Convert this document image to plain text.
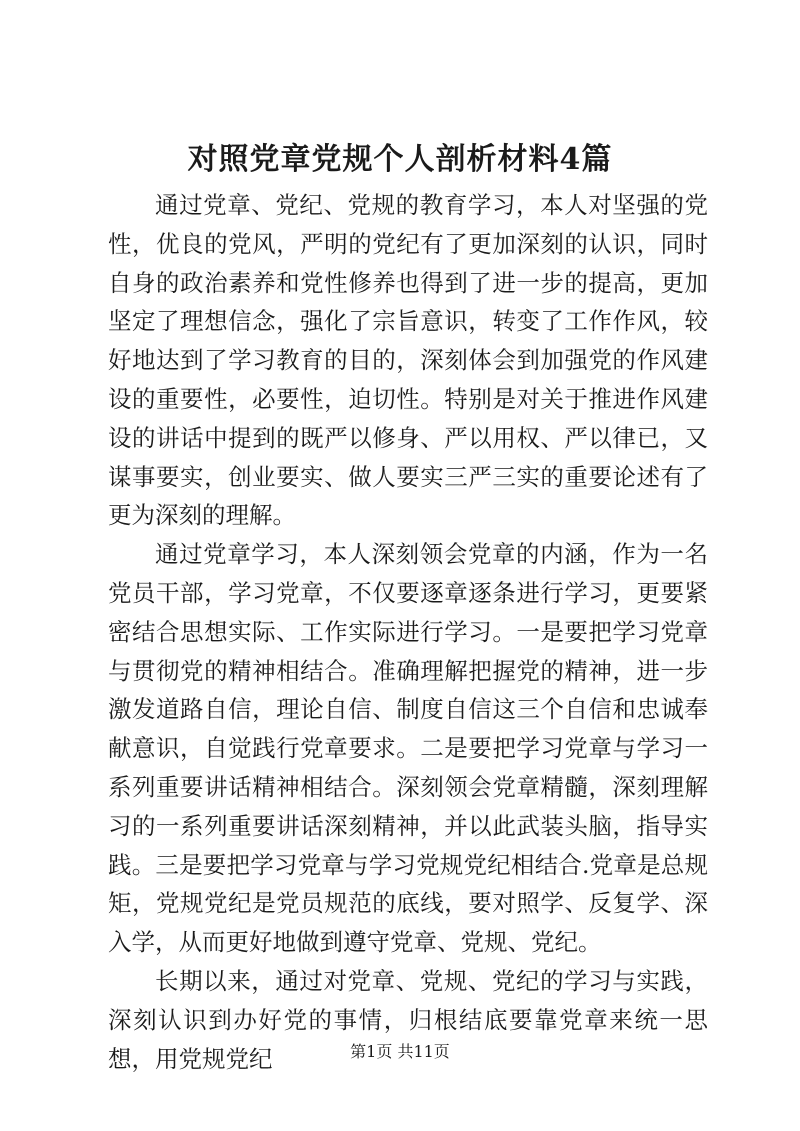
对照党章党规个人剖析材料4篇

通过党章、党纪、党规的教育学习，本人对坚强的党性，优良的党风，严明的党纪有了更加深刻的认识，同时自身的政治素养和党性修养也得到了进一步的提高，更加坚定了理想信念，强化了宗旨意识，转变了工作作风，较好地达到了学习教育的目的，深刻体会到加强党的作风建设的重要性，必要性，迫切性。特别是对关于推进作风建设的讲话中提到的既严以修身、严以用权、严以律已，又谋事要实，创业要实、做人要实三严三实的重要论述有了更为深刻的理解。

通过党章学习，本人深刻领会党章的内涵，作为一名党员干部，学习党章，不仅要逐章逐条进行学习，更要紧密结合思想实际、工作实际进行学习。一是要把学习党章与贯彻党的精神相结合。准确理解把握党的精神，进一步激发道路自信，理论自信、制度自信这三个自信和忠诚奉献意识，自觉践行党章要求。二是要把学习党章与学习一系列重要讲话精神相结合。深刻领会党章精髓，深刻理解习的一系列重要讲话深刻精神，并以此武装头脑，指导实践。三是要把学习党章与学习党规党纪相结合.党章是总规矩，党规党纪是党员规范的底线，要对照学、反复学、深入学，从而更好地做到遵守党章、党规、党纪。

长期以来，通过对党章、党规、党纪的学习与实践，深刻认识到办好党的事情，归根结底要靠党章来统一思想，用党规党纪	第1页 共11页
